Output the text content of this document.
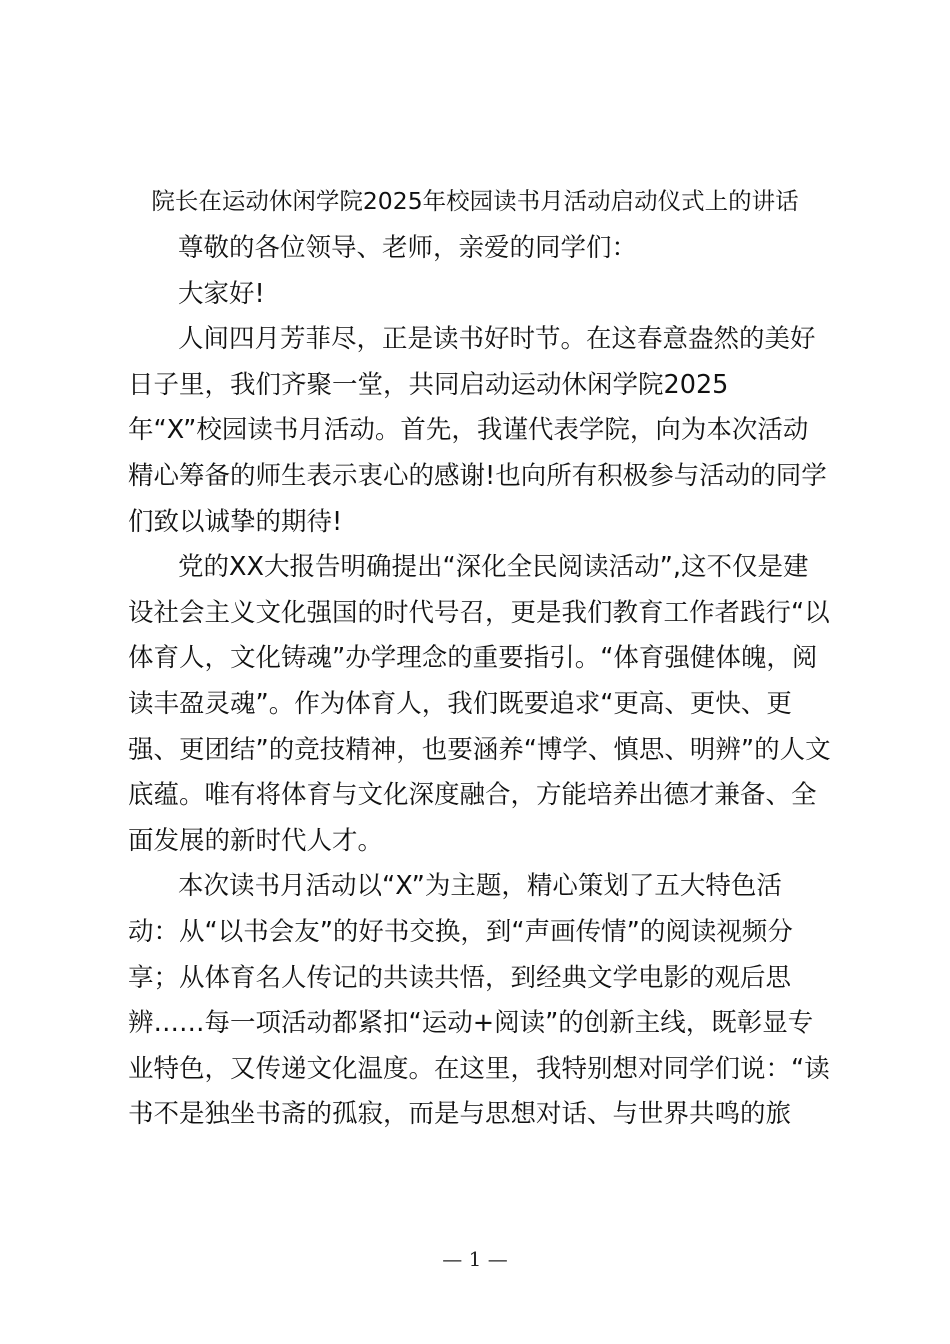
院长在运动休闲学院2025年校园读书月活动启动仪式上的讲话
尊敬的各位领导、老师，亲爱的同学们：
大家好!
人间四月芳菲尽，正是读书好时节。在这春意盎然的美好
日子里，我们齐聚一堂，共同启动运动休闲学院2025
年“X”校园读书月活动。首先，我谨代表学院，向为本次活动
精心筹备的师生表示衷心的感谢!也向所有积极参与活动的同学
们致以诚挚的期待!
党的XX大报告明确提出“深化全民阅读活动”,这不仅是建
设社会主义文化强国的时代号召，更是我们教育工作者践行“以
体育人，文化铸魂”办学理念的重要指引。“体育强健体魄，阅
读丰盈灵魂”。作为体育人，我们既要追求“更高、更快、更
强、更团结”的竞技精神，也要涵养“博学、慎思、明辨”的人文
底蕴。唯有将体育与文化深度融合，方能培养出德才兼备、全
面发展的新时代人才。
本次读书月活动以“X”为主题，精心策划了五大特色活
动：从“以书会友”的好书交换，到“声画传情”的阅读视频分
享；从体育名人传记的共读共悟，到经典文学电影的观后思
辨……每一项活动都紧扣“运动+阅读”的创新主线，既彰显专
业特色，又传递文化温度。在这里，我特别想对同学们说：“读
书不是独坐书斋的孤寂，而是与思想对话、与世界共鸣的旅
— 1 —
